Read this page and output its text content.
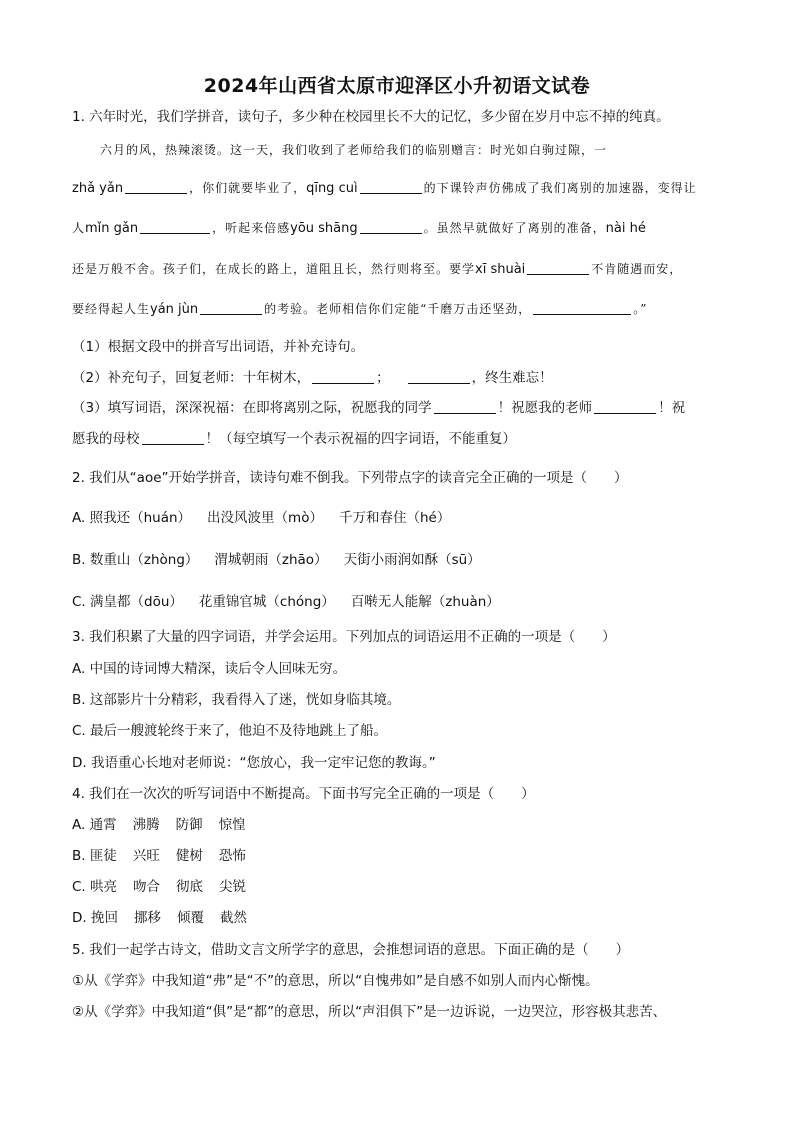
2024年山西省太原市迎泽区小升初语文试卷
1. 六年时光，我们学拼音，读句子，多少种在校园里长不大的记忆，多少留在岁月中忘不掉的纯真。
六月的风，热辣滚烫。这一天，我们收到了老师给我们的临别赠言：时光如白驹过隙，一
zhǎ yǎn	，你们就要毕业了，qīng cuì	的下课铃声仿佛成了我们离别的加速器，变得让
人mǐn gǎn	，听起来倍感yōu shāng	。虽然早就做好了离别的准备，nài hé
还是万般不舍。孩子们，在成长的路上，道阻且长，然行则将至。要学xī shuài	不肯随遇而安，
要经得起人生yán jùn	的考验。老师相信你们定能“千磨万击还坚劲，	。”
（1）根据文段中的拼音写出词语，并补充诗句。
（2）补充句子，回复老师：十年树木，	；	，终生难忘！
（3）填写词语，深深祝福：在即将离别之际，祝愿我的同学	！祝愿我的老师	！祝
愿我的母校	！（每空填写一个表示祝福的四字词语，不能重复）
2. 我们从“aoe”开始学拼音，读诗句难不倒我。下列带点字的读音完全正确的一项是（　　）
A. 照我还（huán） 出没风波里（mò） 千万和春住（hé）
B. 数重山（zhòng） 渭城朝雨（zhāo） 天街小雨润如酥（sū）
C. 满皇都（dōu） 花重锦官城（chóng） 百啭无人能解（zhuàn）
3. 我们积累了大量的四字词语，并学会运用。下列加点的词语运用不正确的一项是（　　）
A. 中国的诗词博大精深，读后令人回味无穷。
B. 这部影片十分精彩，我看得入了迷，恍如身临其境。
C. 最后一艘渡轮终于来了，他迫不及待地跳上了船。
D. 我语重心长地对老师说：“您放心，我一定牢记您的教诲。”
4. 我们在一次次的听写词语中不断提高。下面书写完全正确的一项是（　　）
A. 通霄 沸腾 防御 惊惶
B. 匪徒 兴旺 健树 恐怖
C. 哄亮 吻合 彻底 尖锐
D. 挽回 挪移 倾覆 截然
5. 我们一起学古诗文，借助文言文所学字的意思，会推想词语的意思。下面正确的是（　　）
①从《学弈》中我知道“弗”是“不”的意思，所以“自愧弗如”是自感不如别人而内心惭愧。
②从《学弈》中我知道“俱”是“都”的意思，所以“声泪俱下”是一边诉说，一边哭泣，形容极其悲苦、
